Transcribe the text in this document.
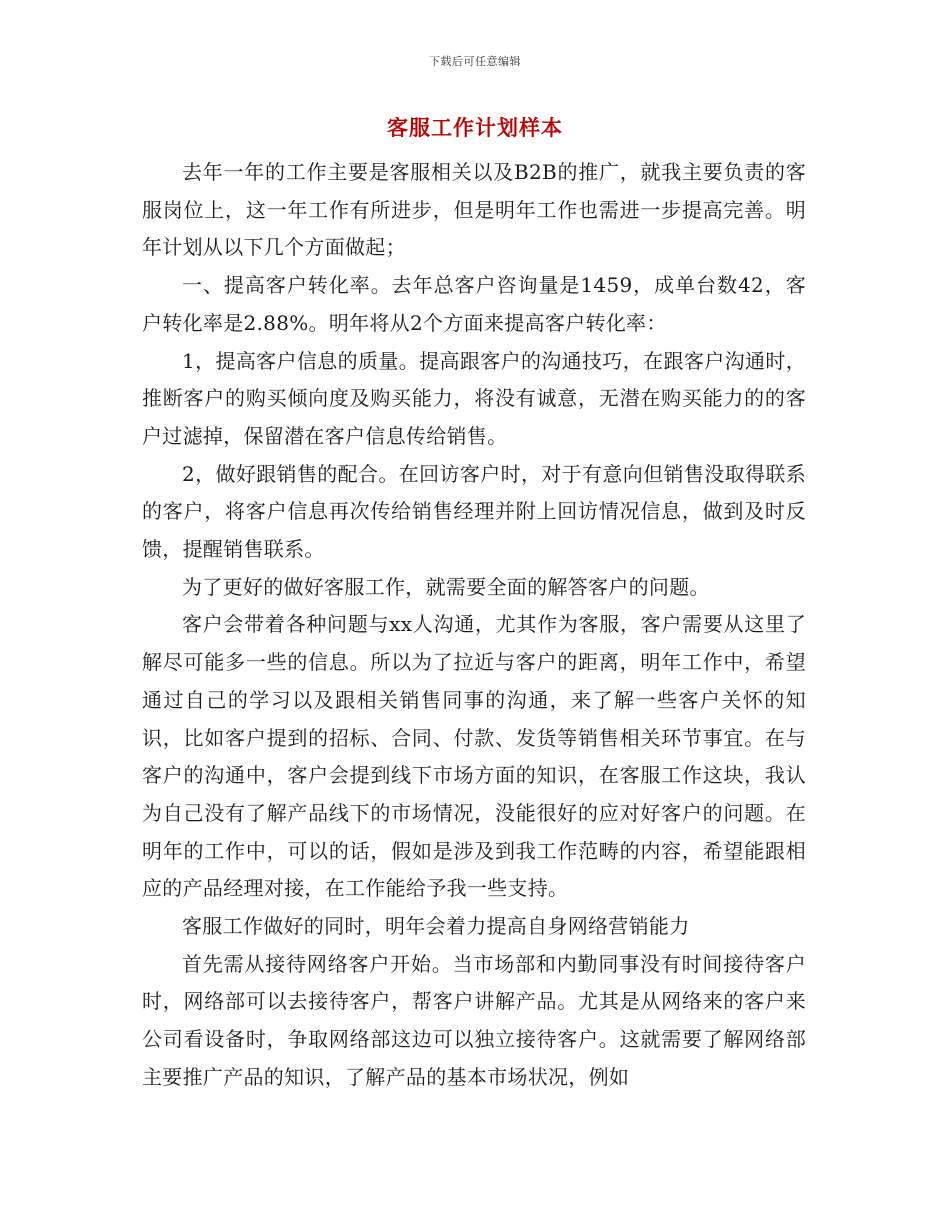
下载后可任意编辑
客服工作计划样本

去年一年的工作主要是客服相关以及B2B的推广，就我主要负责的客服岗位上，这一年工作有所进步，但是明年工作也需进一步提高完善。明年计划从以下几个方面做起；

一、提高客户转化率。去年总客户咨询量是1459，成单台数42，客户转化率是2.88%。明年将从2个方面来提高客户转化率：

1，提高客户信息的质量。提高跟客户的沟通技巧，在跟客户沟通时，推断客户的购买倾向度及购买能力，将没有诚意，无潜在购买能力的的客户过滤掉，保留潜在客户信息传给销售。

2，做好跟销售的配合。在回访客户时，对于有意向但销售没取得联系的客户，将客户信息再次传给销售经理并附上回访情况信息，做到及时反馈，提醒销售联系。

为了更好的做好客服工作，就需要全面的解答客户的问题。

客户会带着各种问题与xx人沟通，尤其作为客服，客户需要从这里了解尽可能多一些的信息。所以为了拉近与客户的距离，明年工作中，希望通过自己的学习以及跟相关销售同事的沟通，来了解一些客户关怀的知识，比如客户提到的招标、合同、付款、发货等销售相关环节事宜。在与客户的沟通中，客户会提到线下市场方面的知识，在客服工作这块，我认为自己没有了解产品线下的市场情况，没能很好的应对好客户的问题。在明年的工作中，可以的话，假如是涉及到我工作范畴的内容，希望能跟相应的产品经理对接，在工作能给予我一些支持。

客服工作做好的同时，明年会着力提高自身网络营销能力

首先需从接待网络客户开始。当市场部和内勤同事没有时间接待客户时，网络部可以去接待客户，帮客户讲解产品。尤其是从网络来的客户来公司看设备时，争取网络部这边可以独立接待客户。这就需要了解网络部主要推广产品的知识，了解产品的基本市场状况，例如
